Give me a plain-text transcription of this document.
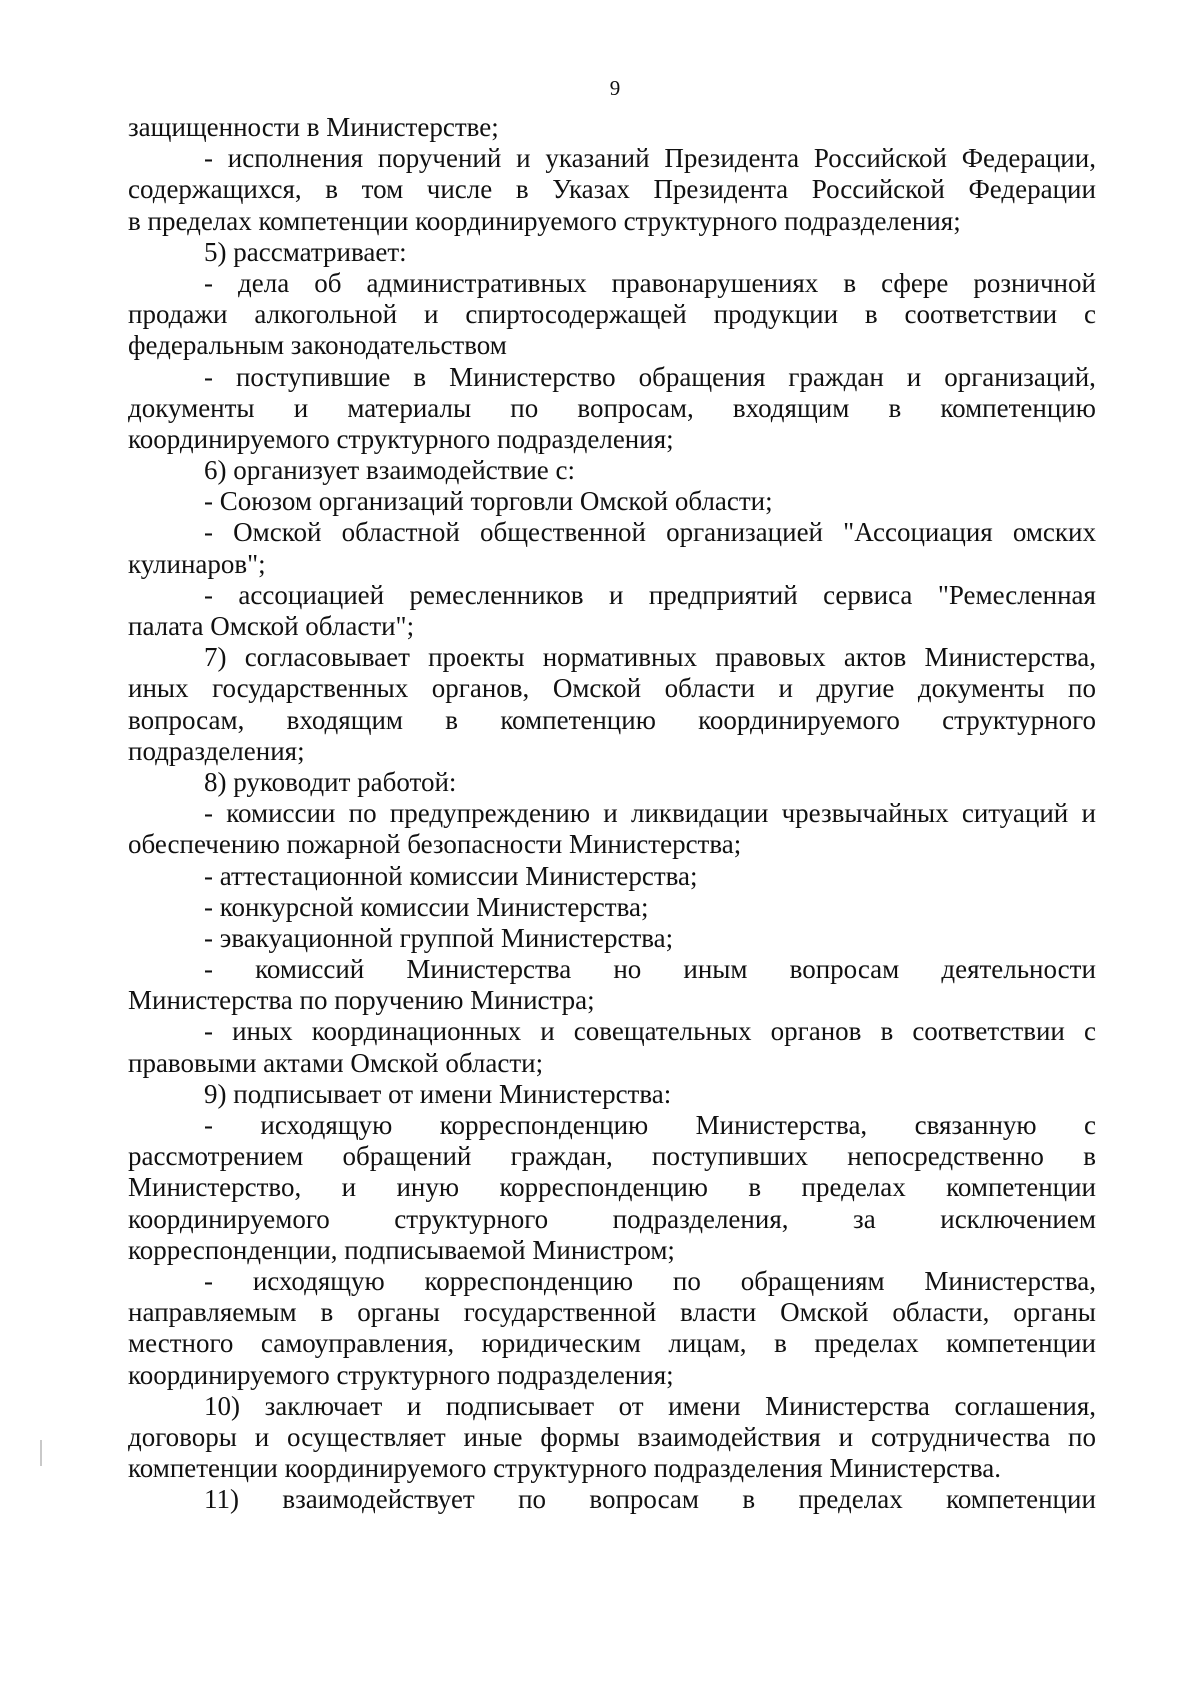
9
защищенности в Министерстве;
- исполнения поручений и указаний Президента Российской Федерации,
содержащихся, в том числе в Указах Президента Российской Федерации
в пределах компетенции координируемого структурного подразделения;
5) рассматривает:
- дела об административных правонарушениях в сфере розничной
продажи алкогольной и спиртосодержащей продукции в соответствии с
федеральным законодательством
- поступившие в Министерство обращения граждан и организаций,
документы и материалы по вопросам, входящим в компетенцию
координируемого структурного подразделения;
6) организует взаимодействие с:
- Союзом организаций торговли Омской области;
- Омской областной общественной организацией "Ассоциация омских
кулинаров";
- ассоциацией ремесленников и предприятий сервиса "Ремесленная
палата Омской области";
7) согласовывает проекты нормативных правовых актов Министерства,
иных государственных органов, Омской области и другие документы по
вопросам, входящим в компетенцию координируемого структурного
подразделения;
8) руководит работой:
- комиссии по предупреждению и ликвидации чрезвычайных ситуаций и
обеспечению пожарной безопасности Министерства;
- аттестационной комиссии Министерства;
- конкурсной комиссии Министерства;
- эвакуационной группой Министерства;
- комиссий Министерства но иным вопросам деятельности
Министерства по поручению Министра;
- иных координационных и совещательных органов в соответствии с
правовыми актами Омской области;
9) подписывает от имени Министерства:
- исходящую корреспонденцию Министерства, связанную с
рассмотрением обращений граждан, поступивших непосредственно в
Министерство, и иную корреспонденцию в пределах компетенции
координируемого структурного подразделения, за исключением
корреспонденции, подписываемой Министром;
- исходящую корреспонденцию по обращениям Министерства,
направляемым в органы государственной власти Омской области, органы
местного самоуправления, юридическим лицам, в пределах компетенции
координируемого структурного подразделения;
10) заключает и подписывает от имени Министерства соглашения,
договоры и осуществляет иные формы взаимодействия и сотрудничества по
компетенции координируемого структурного подразделения Министерства.
11) взаимодействует по вопросам в пределах компетенции
